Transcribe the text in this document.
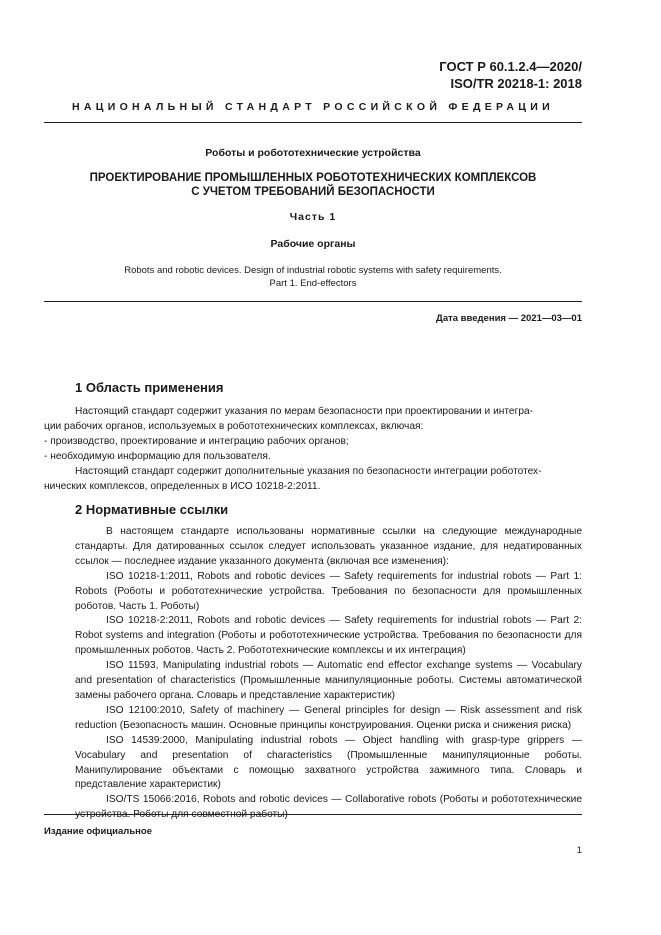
ГОСТ Р 60.1.2.4—2020/
ISO/TR 20218-1: 2018
НАЦИОНАЛЬНЫЙ СТАНДАРТ РОССИЙСКОЙ ФЕДЕРАЦИИ
Роботы и робототехнические устройства
ПРОЕКТИРОВАНИЕ ПРОМЫШЛЕННЫХ РОБОТОТЕХНИЧЕСКИХ КОМПЛЕКСОВ
С УЧЕТОМ ТРЕБОВАНИЙ БЕЗОПАСНОСТИ
Часть 1
Рабочие органы
Robots and robotic devices. Design of industrial robotic systems with safety requirements.
Part 1. End-effectors
Дата введения — 2021—03—01
1 Область применения

Настоящий стандарт содержит указания по мерам безопасности при проектировании и интегра-

ции рабочих органов, используемых в робототехнических комплексах, включая:

- производство, проектирование и интеграцию рабочих органов;

- необходимую информацию для пользователя.

Настоящий стандарт содержит дополнительные указания по безопасности интеграции робототех-

нических комплексов, определенных в ИСО 10218-2:2011.

2 Нормативные ссылки

В настоящем стандарте использованы нормативные ссылки на следующие международные стандарты. Для датированных ссылок следует использовать указанное издание, для недатированных ссылок — последнее издание указанного документа (включая все изменения):

ISO 10218-1:2011, Robots and robotic devices — Safety requirements for industrial robots — Part 1: Robots (Роботы и робототехнические устройства. Требования по безопасности для промышленных роботов. Часть 1. Роботы)

ISO 10218-2:2011, Robots and robotic devices — Safety requirements for industrial robots — Part 2: Robot systems and integration (Роботы и робототехнические устройства. Требования по безопасности для промышленных роботов. Часть 2. Робототехнические комплексы и их интеграция)

ISO 11593, Manipulating industrial robots — Automatic end effector exchange systems — Vocabulary and presentation of characteristics (Промышленные манипуляционные роботы. Системы автоматической замены рабочего органа. Словарь и представление характеристик)

ISO 12100:2010, Safety of machinery — General principles for design — Risk assessment and risk reduction (Безопасность машин. Основные принципы конструирования. Оценки риска и снижения риска)

ISO 14539:2000, Manipulating industrial robots — Object handling with grasp-type grippers — Vocabulary and presentation of characteristics (Промышленные манипуляционные роботы. Манипулирование объектами с помощью захватного устройства зажимного типа. Словарь и представление характеристик)

ISO/TS 15066:2016, Robots and robotic devices — Collaborative robots (Роботы и робототехнические устройства. Роботы для совместной работы)

Издание официальное
1
